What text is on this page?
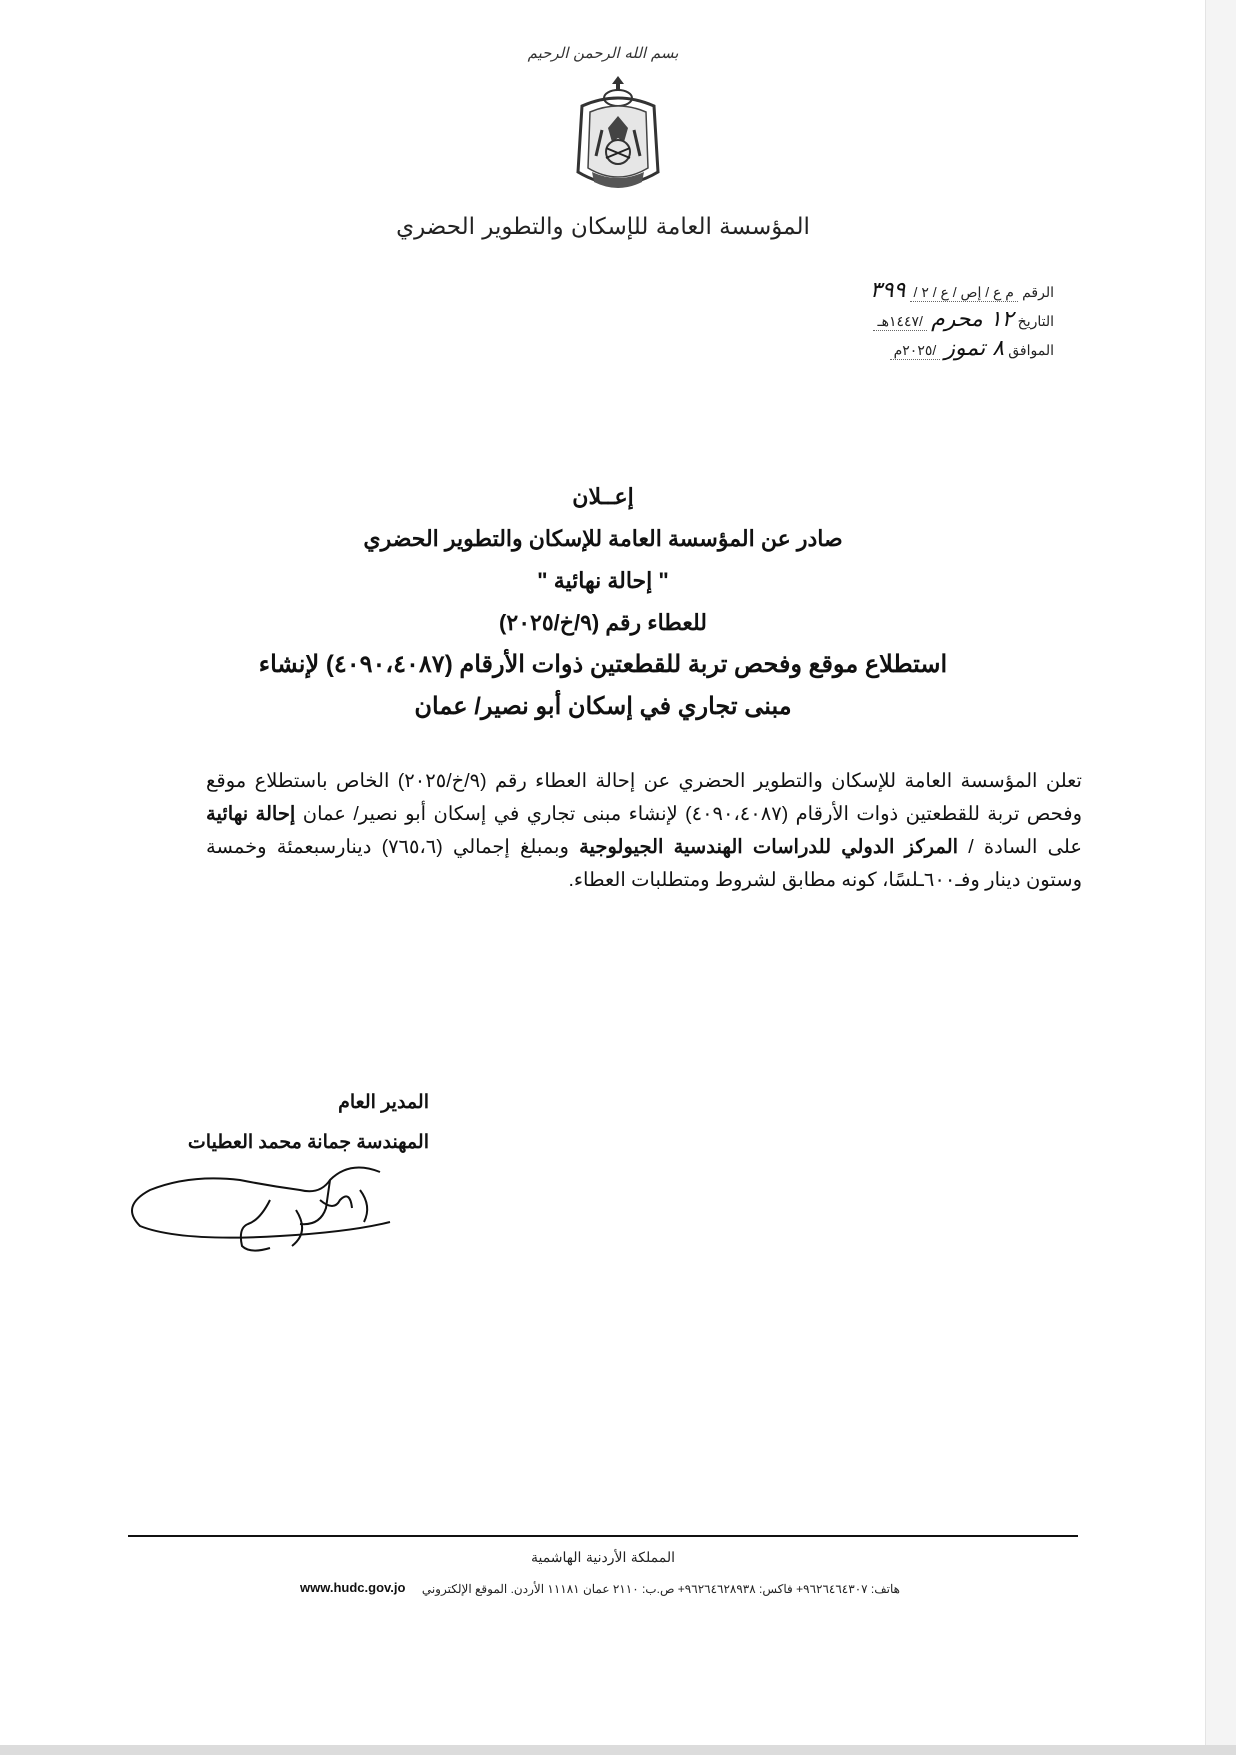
بسم الله الرحمن الرحيم
المؤسسة العامة للإسكان والتطوير الحضري
الرقم م ع / إص / ع / ٢ / ٣٩٩
التاريخ ١٢ محرم /١٤٤٧هـ
الموافق ٨ تموز /٢٠٢٥م
إعــلان
صادر عن المؤسسة العامة للإسكان والتطوير الحضري
" إحالة نهائية "
للعطاء رقم (٩/خ/٢٠٢٥)
استطلاع موقع وفحص تربة للقطعتين ذوات الأرقام (٤٠٩٠،٤٠٨٧) لإنشاء
مبنى تجاري في إسكان أبو نصير/ عمان
تعلن المؤسسة العامة للإسكان والتطوير الحضري عن إحالة العطاء رقم (٩/خ/٢٠٢٥) الخاص باستطلاع موقع وفحص تربة للقطعتين ذوات الأرقام (٤٠٩٠،٤٠٨٧) لإنشاء مبنى تجاري في إسكان أبو نصير/ عمان إحالة نهائية على السادة / المركز الدولي للدراسات الهندسية الجيولوجية وبمبلغ إجمالي (٧٦٥،٦) دينارسبعمئة وخمسة وستون دينار وفـ٦٠٠ـلسًا، كونه مطابق لشروط ومتطلبات العطاء.
المدير العام
المهندسة جمانة محمد العطيات
المملكة الأردنية الهاشمية
هاتف: ٩٦٢٦٤٦٤٣٠٧+ فاكس: ٩٦٢٦٤٦٢٨٩٣٨+ ص.ب: ٢١١٠ عمان ١١١٨١ الأردن. الموقع الإلكتروني
www.hudc.gov.jo
